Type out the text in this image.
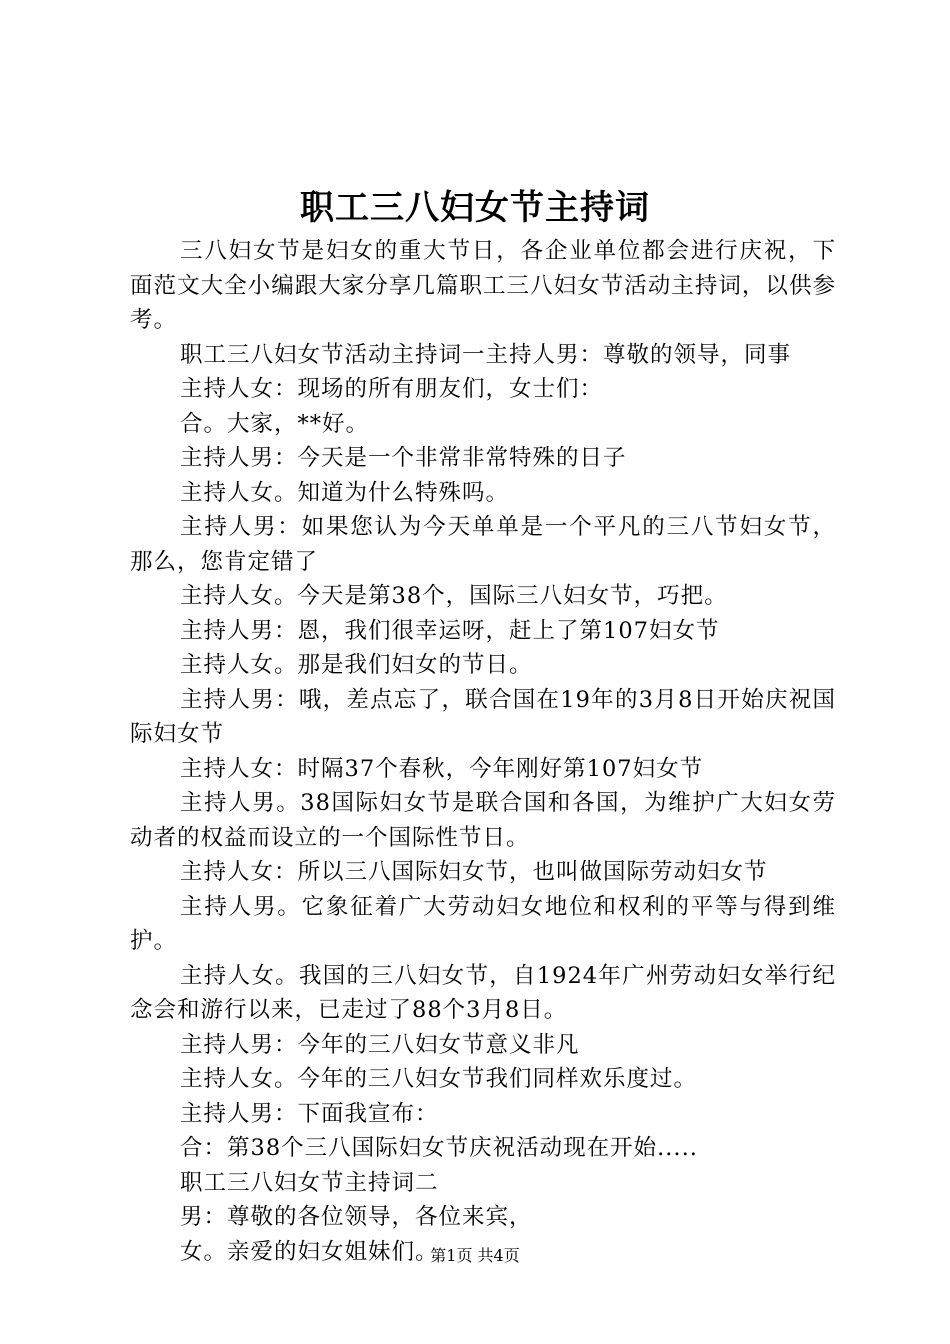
职工三八妇女节主持词

三八妇女节是妇女的重大节日，各企业单位都会进行庆祝，下面范文大全小编跟大家分享几篇职工三八妇女节活动主持词，以供参考。

职工三八妇女节活动主持词一主持人男：尊敬的领导，同事

主持人女：现场的所有朋友们，女士们：

合。大家，**好。

主持人男：今天是一个非常非常特殊的日子

主持人女。知道为什么特殊吗。

主持人男：如果您认为今天单单是一个平凡的三八节妇女节，那么，您肯定错了

主持人女。今天是第38个，国际三八妇女节，巧把。

主持人男：恩，我们很幸运呀，赶上了第107妇女节

主持人女。那是我们妇女的节日。

主持人男：哦，差点忘了，联合国在19年的3月8日开始庆祝国际妇女节

主持人女：时隔37个春秋，今年刚好第107妇女节

主持人男。38国际妇女节是联合国和各国，为维护广大妇女劳动者的权益而设立的一个国际性节日。

主持人女：所以三八国际妇女节，也叫做国际劳动妇女节

主持人男。它象征着广大劳动妇女地位和权利的平等与得到维护。

主持人女。我国的三八妇女节，自1924年广州劳动妇女举行纪念会和游行以来，已走过了88个3月8日。

主持人男：今年的三八妇女节意义非凡

主持人女。今年的三八妇女节我们同样欢乐度过。

主持人男：下面我宣布：

合：第38个三八国际妇女节庆祝活动现在开始.....

职工三八妇女节主持词二

男：尊敬的各位领导，各位来宾，

女。亲爱的妇女姐妹们。

第1页 共4页
